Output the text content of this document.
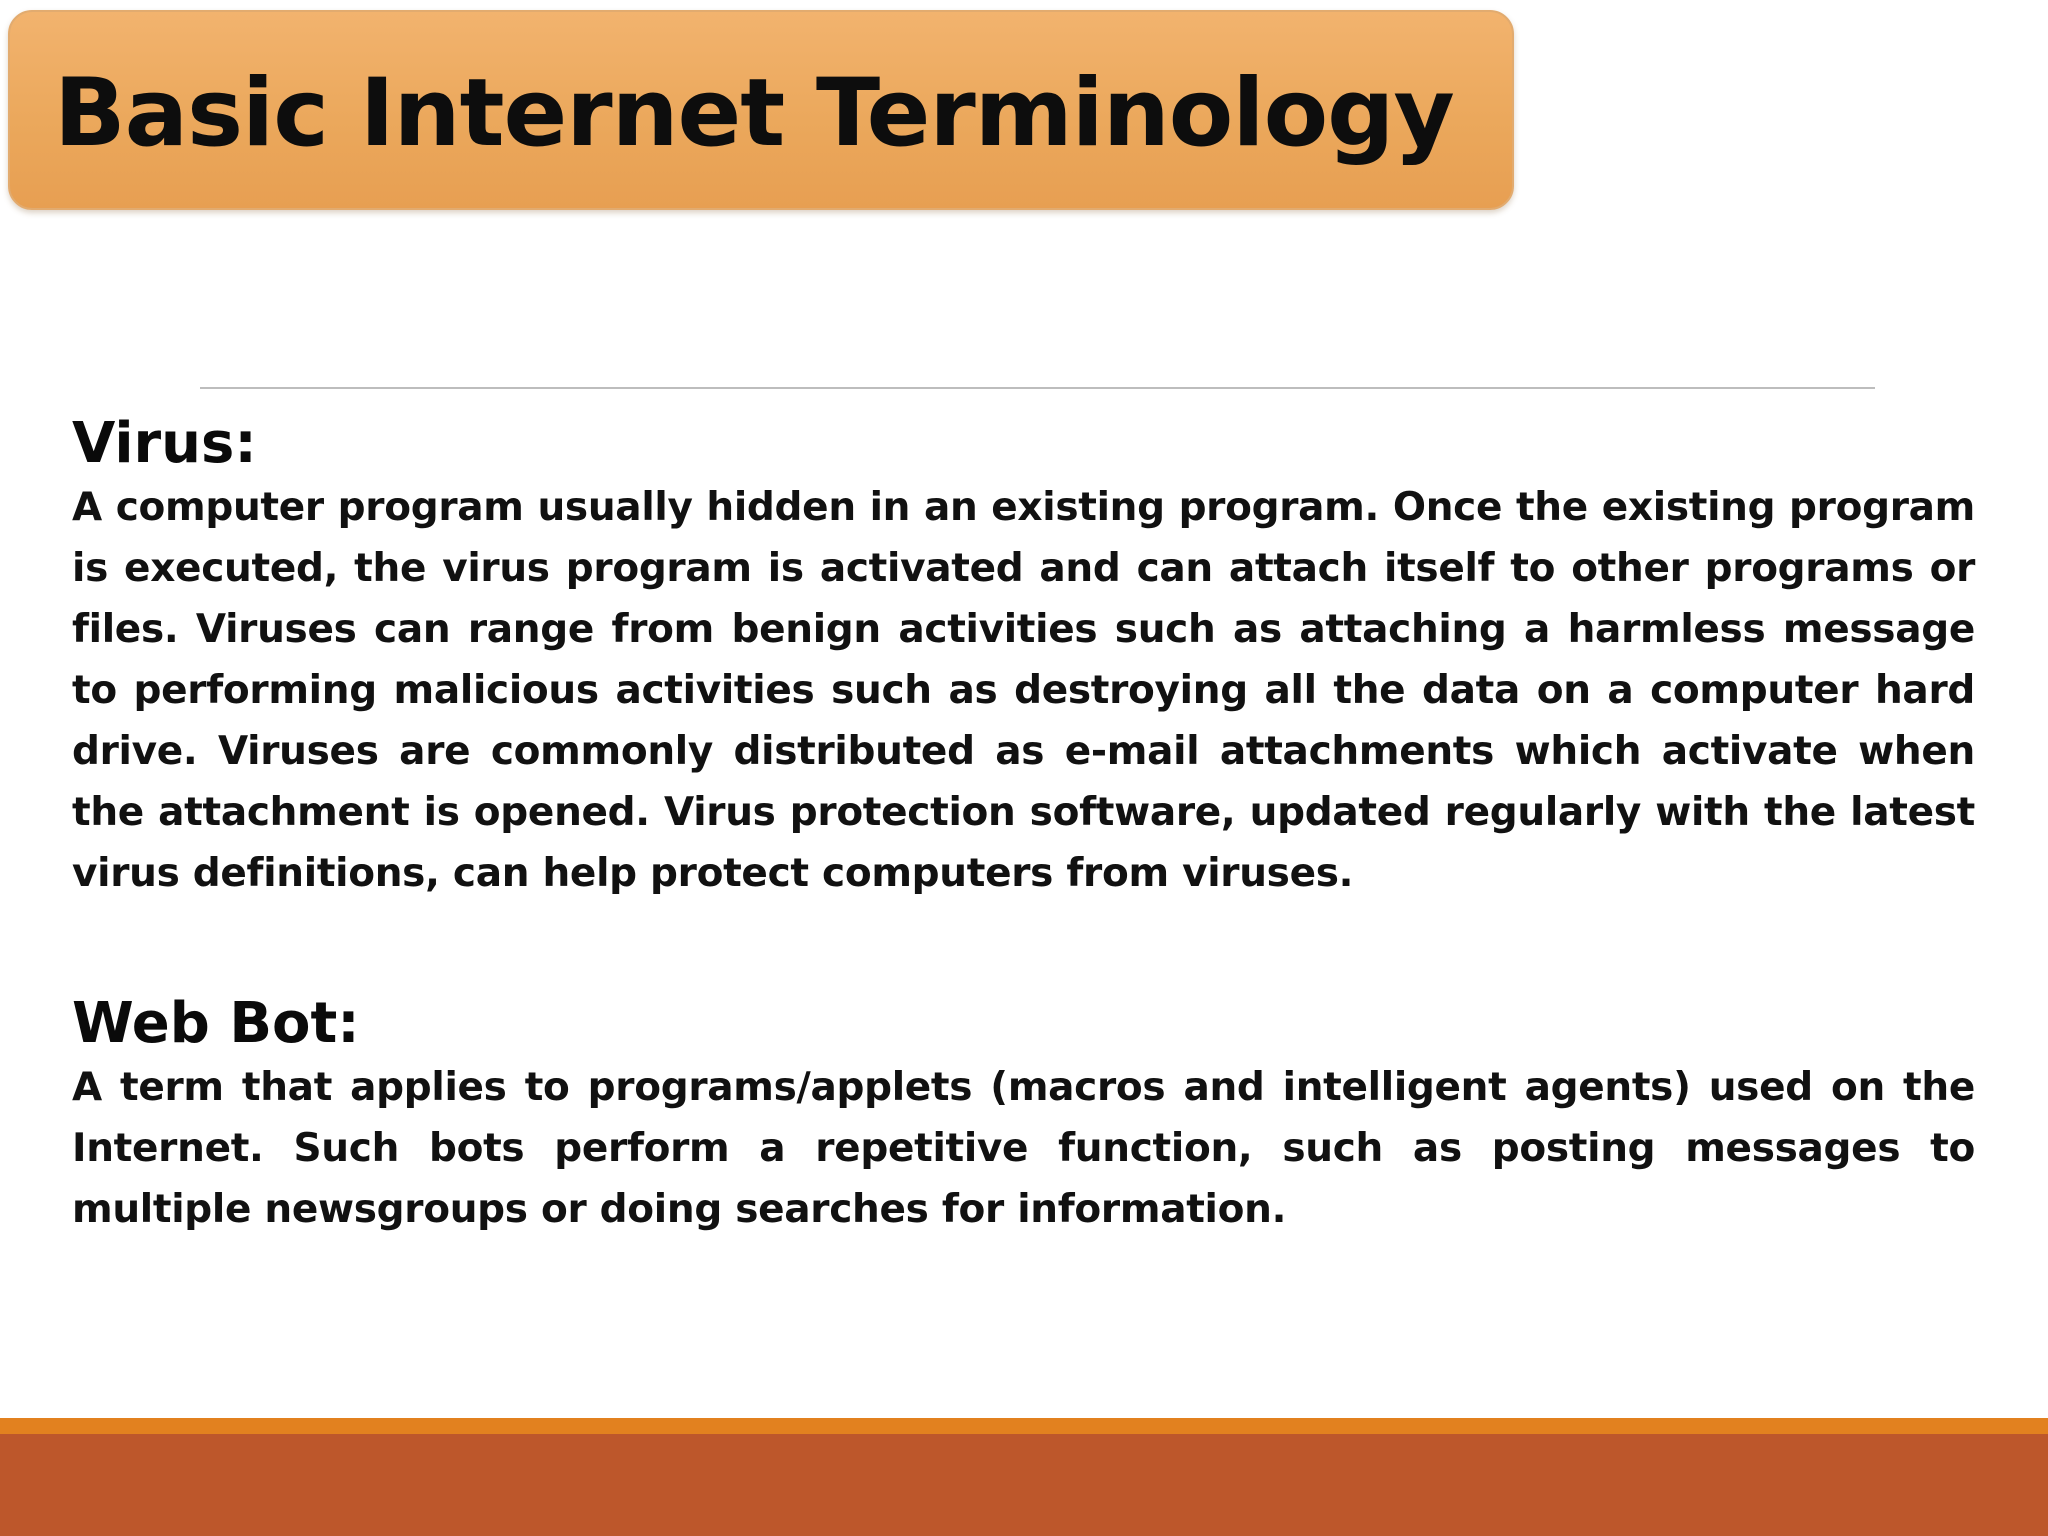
Basic Internet Terminology
Virus:

A computer program usually hidden in an existing program. Once the existing program is executed, the virus program is activated and can attach itself to other programs or files. Viruses can range from benign activities such as attaching a harmless message to performing malicious activities such as destroying all the data on a computer hard drive. Viruses are commonly distributed as e-mail attachments which activate when the attachment is opened. Virus protection software, updated regularly with the latest virus definitions, can help protect computers from viruses.

Web Bot:

A term that applies to programs/applets (macros and intelligent agents) used on the Internet. Such bots perform a repetitive function, such as posting messages to multiple newsgroups or doing searches for information.
